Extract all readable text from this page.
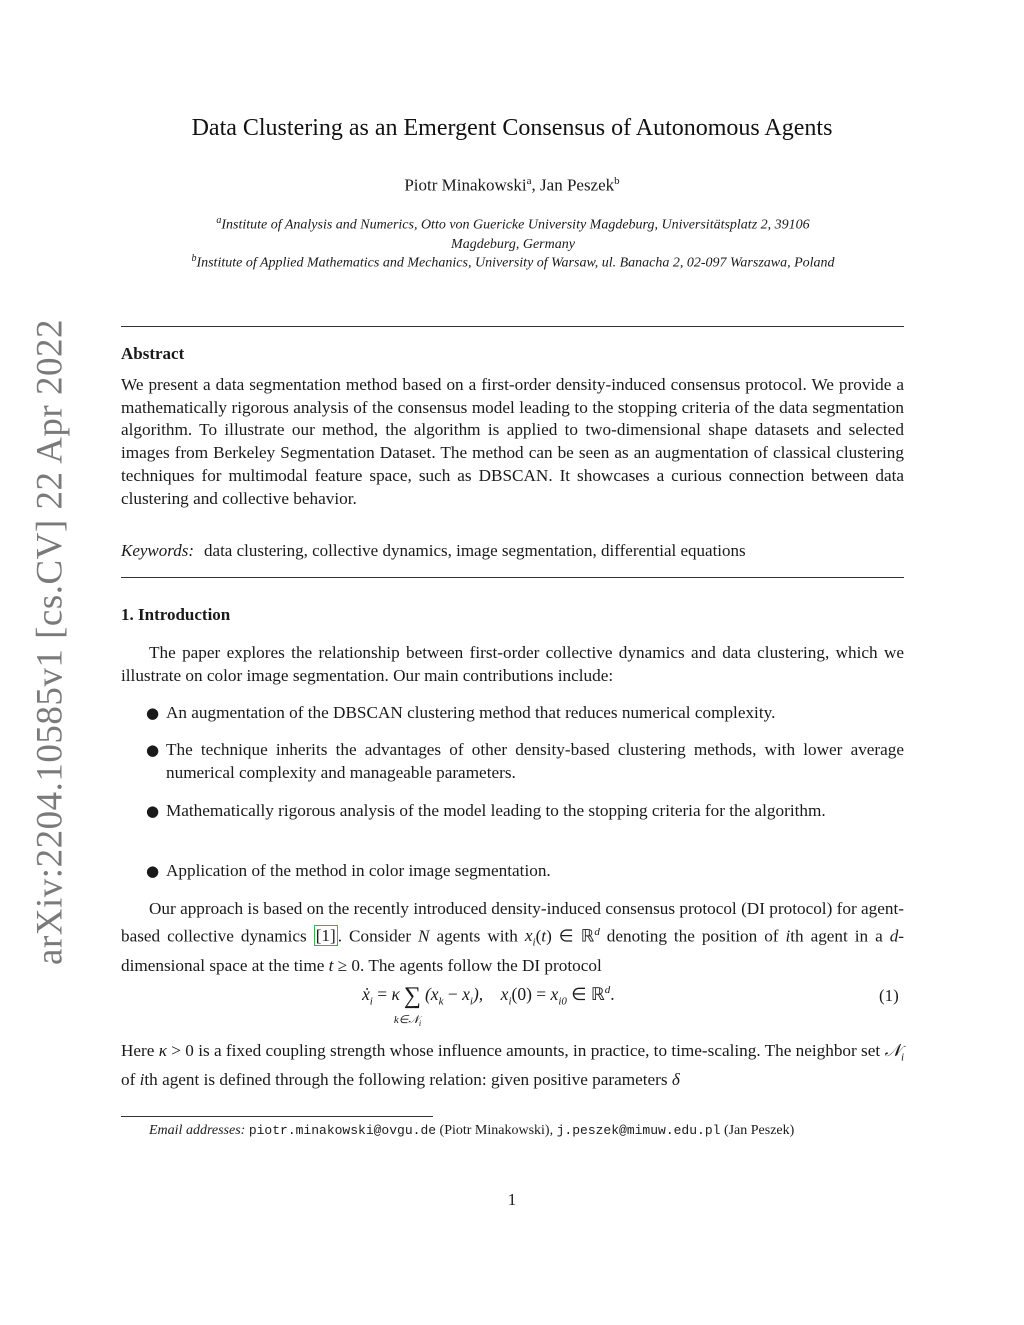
arXiv:2204.10585v1 [cs.CV] 22 Apr 2022
Data Clustering as an Emergent Consensus of Autonomous Agents
Piotr Minakowski$^a$, Jan Peszek$^b$
$^a$Institute of Analysis and Numerics, Otto von Guericke University Magdeburg, Universitätsplatz 2, 39106
Magdeburg, Germany
$^b$Institute of Applied Mathematics and Mechanics, University of Warsaw, ul. Banacha 2, 02-097 Warszawa, Poland
Abstract
We present a data segmentation method based on a first-order density-induced consensus protocol. We provide a mathematically rigorous analysis of the consensus model leading to the stopping criteria of the data segmentation algorithm. To illustrate our method, the algorithm is applied to two-dimensional shape datasets and selected images from Berkeley Segmentation Dataset. The method can be seen as an augmentation of classical clustering techniques for multimodal feature space, such as DBSCAN. It showcases a curious connection between data clustering and collective behavior.
Keywords: data clustering, collective dynamics, image segmentation, differential equations
1. Introduction
The paper explores the relationship between first-order collective dynamics and data clustering, which we illustrate on color image segmentation. Our main contributions include:
● An augmentation of the DBSCAN clustering method that reduces numerical complexity.
● The technique inherits the advantages of other density-based clustering methods, with lower average numerical complexity and manageable parameters.
● Mathematically rigorous analysis of the model leading to the stopping criteria for the algorithm.
● Application of the method in color image segmentation.
Our approach is based on the recently introduced density-induced consensus protocol (DI protocol) for agent-based collective dynamics [1] . Consider N agents with $x_i(t)$ ∈ ℝ$^d$ denoting the position of ith agent in a d-dimensional space at the time t ≥ 0. The agents follow the DI protocol
ẋ$_i$ = κ ∑
k∈𝒩$_i$
$(x_k - x_i)$,    $x_i(0) = x_{i0}$ ∈ ℝ$^d$.	(1)
Here κ > 0 is a fixed coupling strength whose influence amounts, in practice, to time-scaling. The neighbor set 𝒩$_i$ of ith agent is defined through the following relation: given positive parameters δ
Email addresses: piotr.minakowski@ovgu.de (Piotr Minakowski), j.peszek@mimuw.edu.pl (Jan Peszek)
1
